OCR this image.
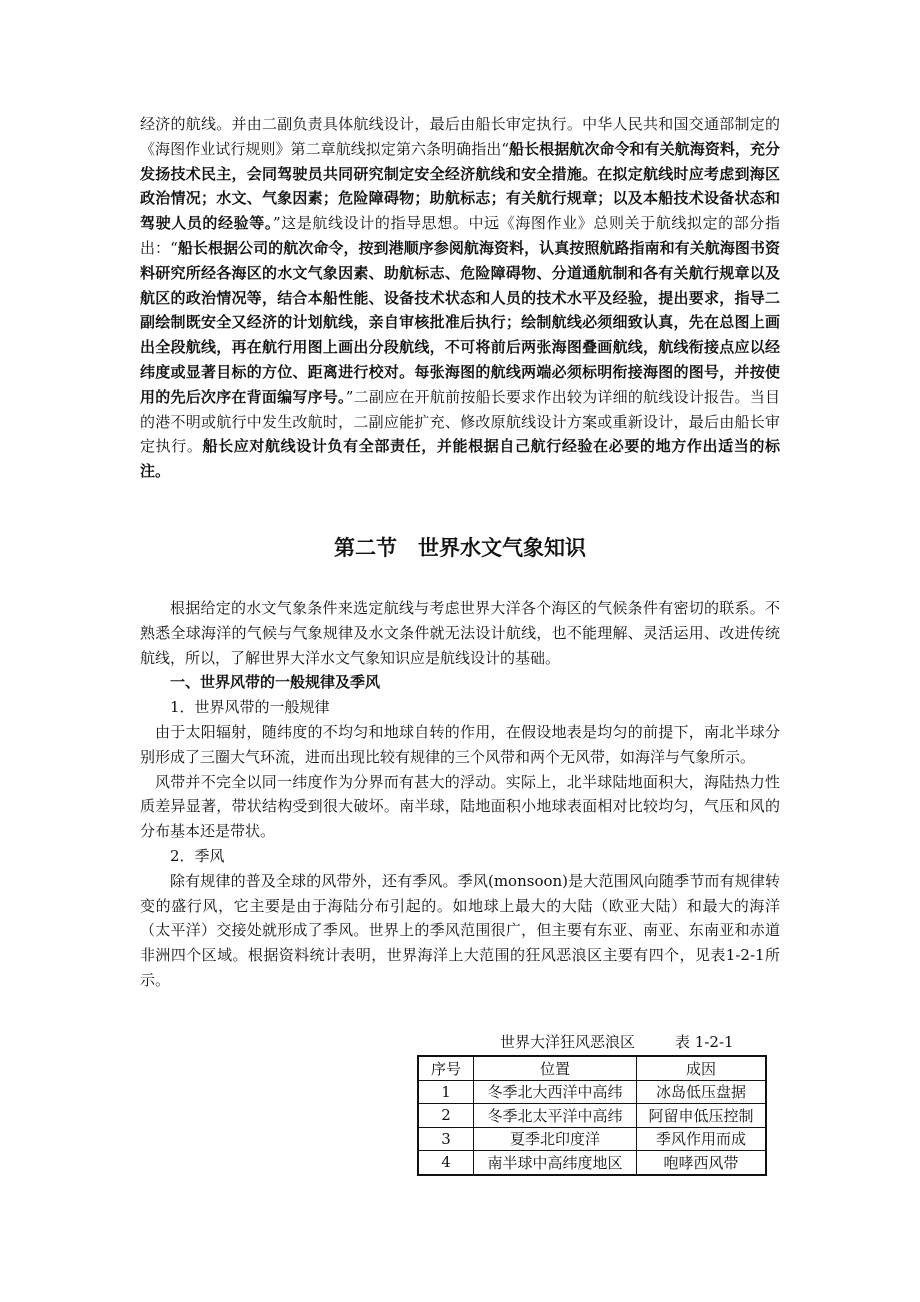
经济的航线。并由二副负责具体航线设计，最后由船长审定执行。中华人民共和国交通部制定的《海图作业试行规则》第二章航线拟定第六条明确指出“船长根据航次命令和有关航海资料，充分发扬技术民主，会同驾驶员共同研究制定安全经济航线和安全措施。在拟定航线时应考虑到海区政治情况；水文、气象因素；危险障碍物；助航标志；有关航行规章；以及本船技术设备状态和驾驶人员的经验等。”这是航线设计的指导思想。中远《海图作业》总则关于航线拟定的部分指出：“船长根据公司的航次命令，按到港顺序参阅航海资料，认真按照航路指南和有关航海图书资料研究所经各海区的水文气象因素、助航标志、危险障碍物、分道通航制和各有关航行规章以及航区的政治情况等，结合本船性能、设备技术状态和人员的技术水平及经验，提出要求，指导二副绘制既安全又经济的计划航线，亲自审核批准后执行；绘制航线必须细致认真，先在总图上画出全段航线，再在航行用图上画出分段航线，不可将前后两张海图叠画航线，航线衔接点应以经纬度或显著目标的方位、距离进行校对。每张海图的航线两端必须标明衔接海图的图号，并按使用的先后次序在背面编写序号。”二副应在开航前按船长要求作出较为详细的航线设计报告。当目的港不明或航行中发生改航时，二副应能扩充、修改原航线设计方案或重新设计，最后由船长审定执行。船长应对航线设计负有全部责任，并能根据自己航行经验在必要的地方作出适当的标注。
第二节　世界水文气象知识
根据给定的水文气象条件来选定航线与考虑世界大洋各个海区的气候条件有密切的联系。不熟悉全球海洋的气候与气象规律及水文条件就无法设计航线，也不能理解、灵活运用、改进传统航线，所以，了解世界大洋水文气象知识应是航线设计的基础。
一、世界风带的一般规律及季风
1．世界风带的一般规律
由于太阳辐射，随纬度的不均匀和地球自转的作用，在假设地表是均匀的前提下，南北半球分别形成了三圈大气环流，进而出现比较有规律的三个风带和两个无风带，如海洋与气象所示。
风带并不完全以同一纬度作为分界而有甚大的浮动。实际上，北半球陆地面积大，海陆热力性质差异显著，带状结构受到很大破坏。南半球，陆地面积小地球表面相对比较均匀，气压和风的分布基本还是带状。
2．季风
除有规律的普及全球的风带外，还有季风。季风(monsoon)是大范围风向随季节而有规律转变的盛行风，它主要是由于海陆分布引起的。如地球上最大的大陆（欧亚大陆）和最大的海洋（太平洋）交接处就形成了季风。世界上的季风范围很广，但主要有东亚、南亚、东南亚和赤道非洲四个区域。根据资料统计表明，世界海洋上大范围的狂风恶浪区主要有四个，见表1-2-1所示。
世界大洋狂风恶浪区	表 1-2-1
序号	位置	成因
1	冬季北大西洋中高纬	冰岛低压盘据
2	冬季北太平洋中高纬	阿留申低压控制
3	夏季北印度洋	季风作用而成
4	南半球中高纬度地区	咆哮西风带
